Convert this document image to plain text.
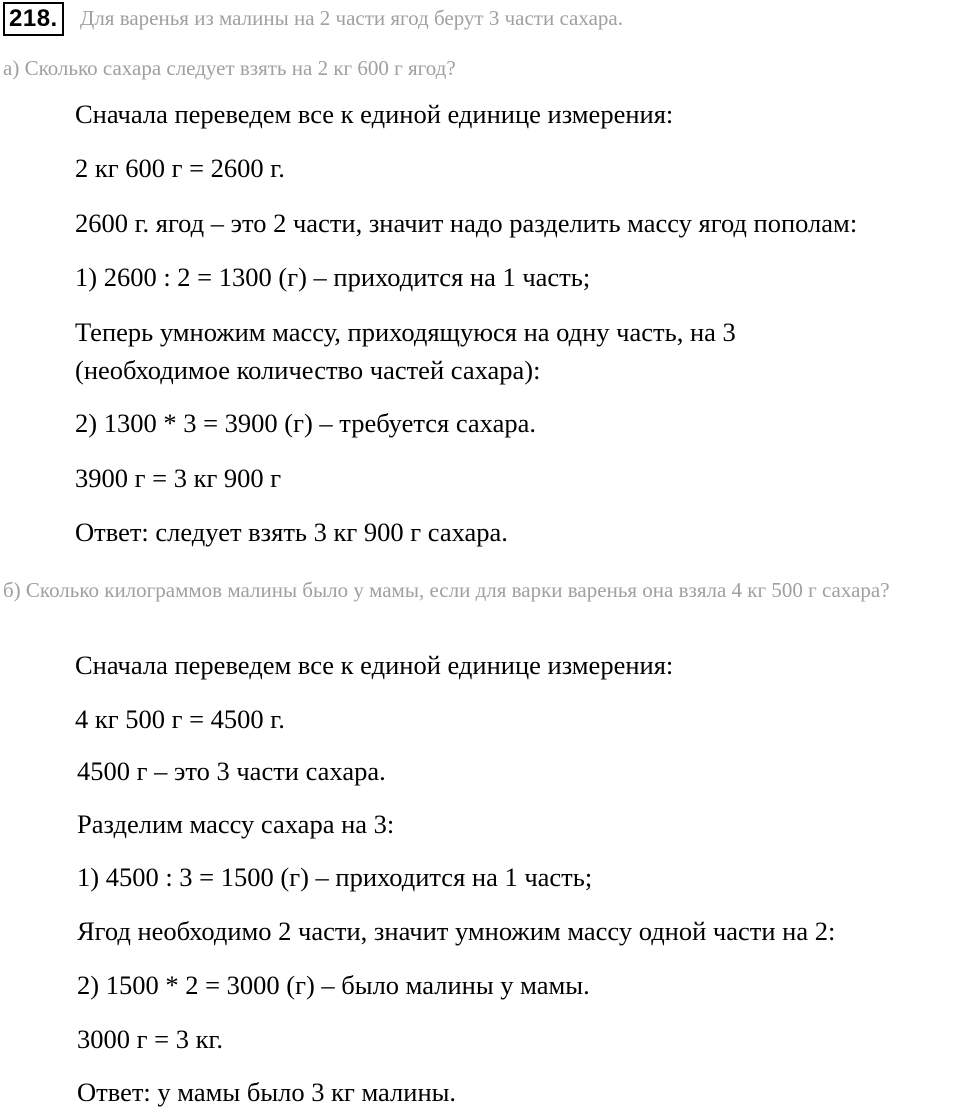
218. Для варенья из малины на 2 части ягод берут 3 части сахара.
а) Сколько сахара следует взять на 2 кг 600 г ягод?
Сначала переведем все к единой единице измерения:
2 кг 600 г = 2600 г.
2600 г. ягод – это 2 части, значит надо разделить массу ягод пополам:
1) 2600 : 2 = 1300 (г) – приходится на 1 часть;
Теперь умножим массу, приходящуюся на одну часть, на 3
(необходимое количество частей сахара):
2) 1300 * 3 = 3900 (г) – требуется сахара.
3900 г = 3 кг 900 г
Ответ: следует взять 3 кг 900 г сахара.
б) Сколько килограммов малины было у мамы, если для варки варенья она взяла 4 кг 500 г сахара?
Сначала переведем все к единой единице измерения:
4 кг 500 г = 4500 г.
4500 г – это 3 части сахара.
Разделим массу сахара на 3:
1) 4500 : 3 = 1500 (г) – приходится на 1 часть;
Ягод необходимо 2 части, значит умножим массу одной части на 2:
2) 1500 * 2 = 3000 (г) – было малины у мамы.
3000 г = 3 кг.
Ответ: у мамы было 3 кг малины.
